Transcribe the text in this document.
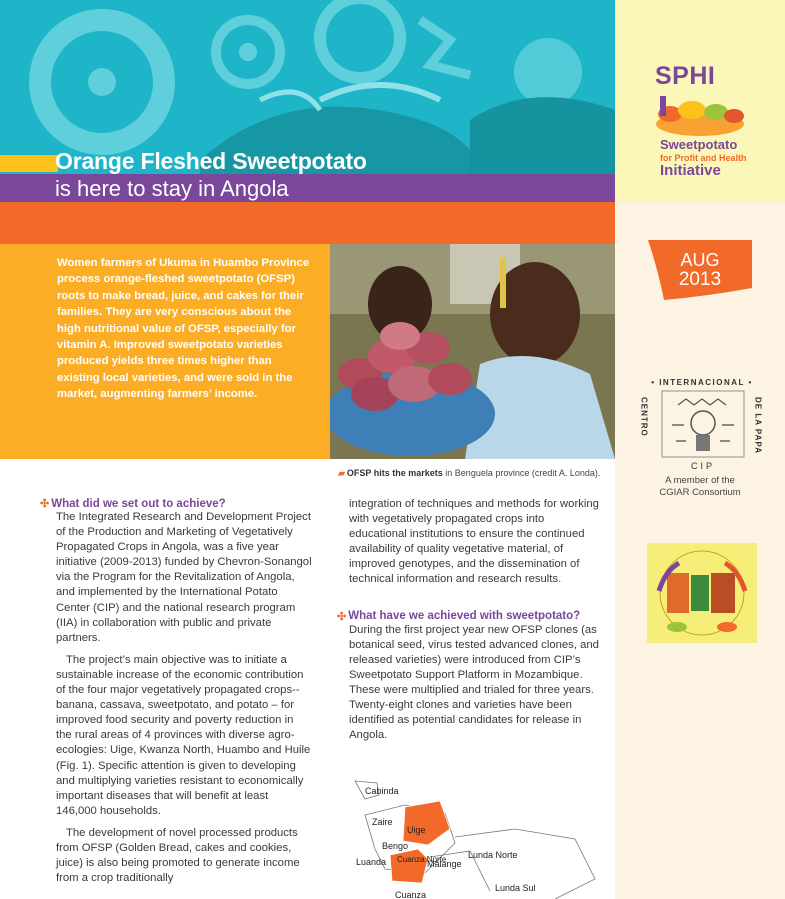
Orange Fleshed Sweetpotato
is here to stay in Angola
SPHI
Sweetpotato
for Profit and Health
Initiative
AUG
2013
• INTERNACIONAL •
DE LA PAPA
CENTRO
CIP
A member of the
CGIAR Consortium
Women farmers of Ukuma in Huambo Province process orange-fleshed sweetpotato (OFSP) roots to make bread, juice, and cakes for their families. They are very conscious about the high nutritional value of OFSP, especially for vitamin A. Improved sweetpotato varieties produced yields three times higher than existing local varieties, and were sold in the market, augmenting farmers’ income.
▰ OFSP hits the markets in Benguela province (credit A. Londa).
✣ What did we set out to achieve?

The Integrated Research and Development Project of the Production and Marketing of Vegetatively Propagated Crops in Angola, was a five year initiative (2009-2013) funded by Chevron-Sonangol via the Program for the Revitalization of Angola, and implemented by the International Potato Center (CIP) and the national research program (IIA) in collaboration with public and private partners.

The project’s main objective was to initiate a sustainable increase of the economic contribution of the four major vegetatively propagated crops-- banana, cassava, sweetpotato, and potato – for improved food security and poverty reduction in the rural areas of 4 provinces with diverse agro-ecologies: Uige, Kwanza North, Huambo and Huile (Fig. 1). Specific attention is given to developing and multiplying varieties resistant to economically important diseases that will benefit at least 146,000 households.

The development of novel processed products from OFSP (Golden Bread, cakes and cookies, juice) is also being promoted to generate income from a crop traditionally

integration of techniques and methods for working with vegetatively propagated crops into educational institutions to ensure the continued availability of quality vegetative material, of improved genotypes, and the dissemination of technical information and research results.

✣ What have we achieved with sweetpotato?

During the first project year new OFSP clones (as botanical seed, virus tested advanced clones, and released varieties) were introduced from CIP’s Sweetpotato Support Platform in Mozambique. These were multiplied and trialed for three years. Twenty-eight clones and varieties have been identified as potential candidates for release in Angola.

Cabinda
Zaire
Uige
Bengo
Luanda Cuanza Norte
Malange
Lunda Norte
Lunda Sul
Cuanza
